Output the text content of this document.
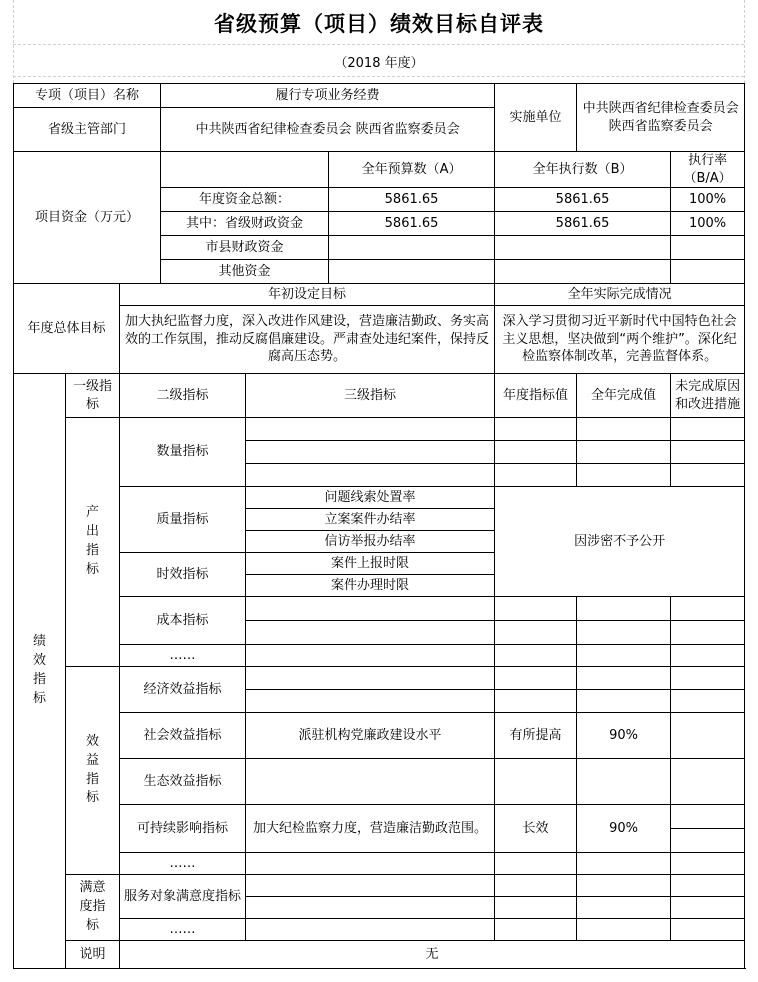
省级预算（项目）绩效目标自评表
（2018 年度）
专项（项目）名称			履行专项业务经费			实施单位	中共陕西省纪律检查委员会 陕西省监察委员会	
省级主管部门			中共陕西省纪律检查委员会 陕西省监察委员会					
项目资金（万元）					全年预算数（A）	全年执行数（B）		执行率（B/A）
			年度资金总额：		5861.65	5861.65		100%
			其中：省级财政资金		5861.65	5861.65		100%
			市县财政资金					
			其他资金					
年度总体目标		年初设定目标				全年实际完成情况		
		加大执纪监督力度，深入改进作风建设，营造廉洁勤政、务实高效的工作氛围，推动反腐倡廉建设。严肃查处违纪案件，保持反腐高压态势。				深入学习贯彻习近平新时代中国特色社会主义思想，坚决做到“两个维护”。深化纪检监察体制改革，完善监督体系。		
绩效指标	一级指标	二级指标		三级指标		年度指标值	全年完成值	未完成原因和改进措施
	产出指标	数量指标						

		质量指标		问题线索处置率		因涉密不予公开		
				立案案件办结率				
				信访举报办结率				
		时效指标		案件上报时限				
				案件办理时限				
		成本指标						

		……						
	效益指标	经济效益指标						

		社会效益指标		派驻机构党廉政建设水平		有所提高	90%	
		生态效益指标						
		可持续影响指标		加大纪检监察力度，营造廉洁勤政范围。		长效	90%	

		……						
	满意度指标	服务对象满意度指标						

		……						
	说明	无						
